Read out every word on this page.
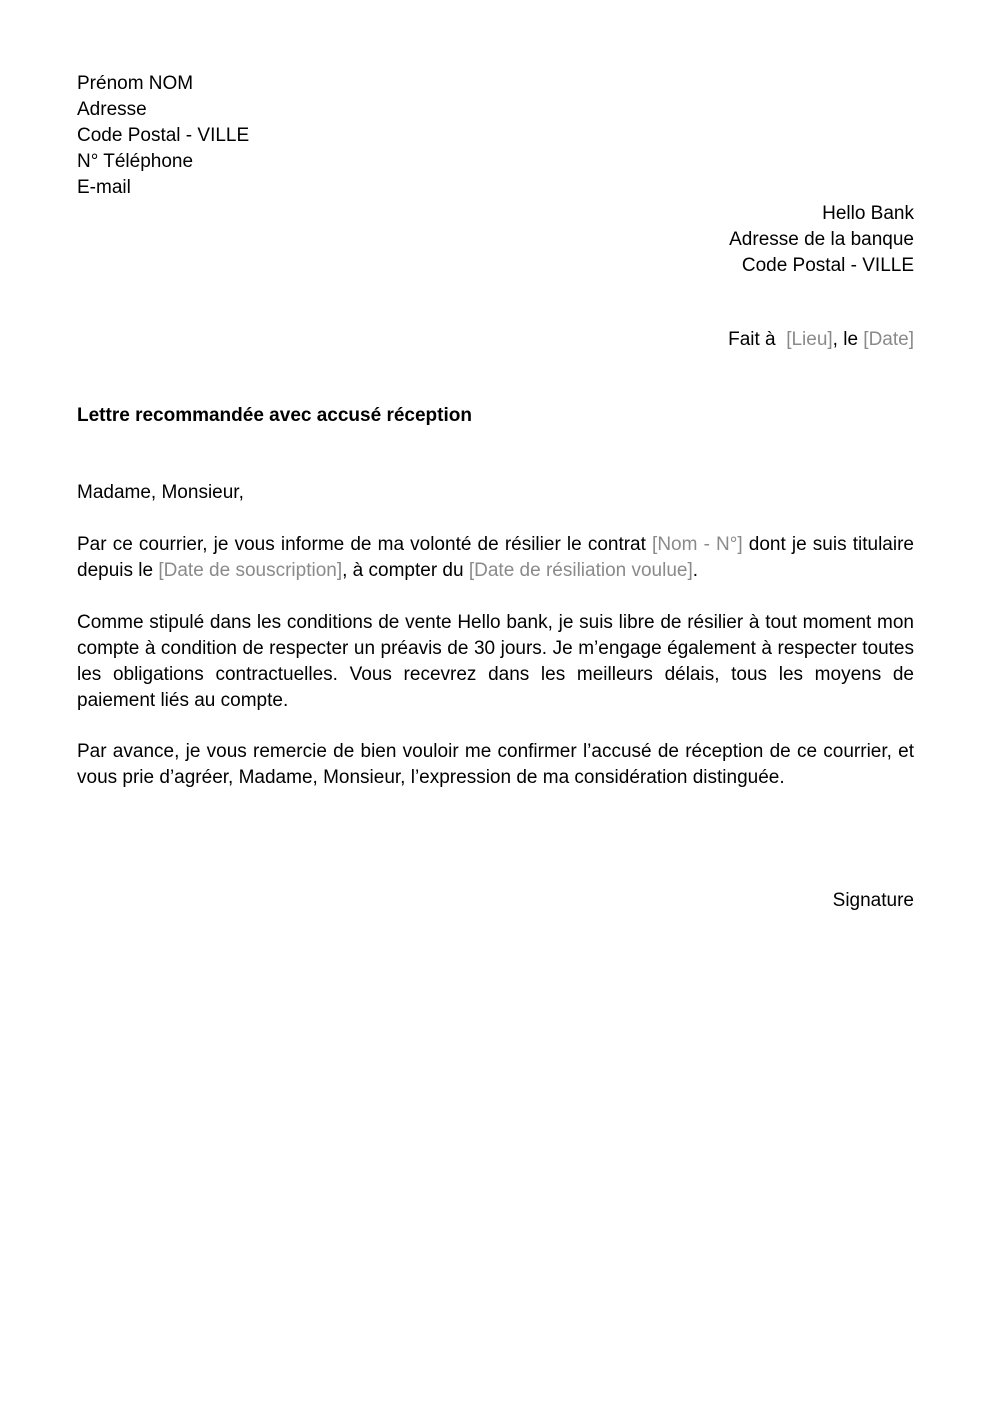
Prénom NOM
Adresse
Code Postal - VILLE
N° Téléphone
E-mail
Hello Bank
Adresse de la banque
Code Postal - VILLE
Fait à  [Lieu], le [Date]
Lettre recommandée avec accusé réception
Madame, Monsieur,
Par ce courrier, je vous informe de ma volonté de résilier le contrat [Nom - N°] dont je suis titulaire depuis le [Date de souscription], à compter du [Date de résiliation voulue].
Comme stipulé dans les conditions de vente Hello bank, je suis libre de résilier à tout moment mon compte à condition de respecter un préavis de 30 jours. Je m’engage également à respecter toutes les obligations contractuelles. Vous recevrez dans les meilleurs délais, tous les moyens de paiement liés au compte.
Par avance, je vous remercie de bien vouloir me confirmer l’accusé de réception de ce courrier, et vous prie d’agréer, Madame, Monsieur, l’expression de ma considération distinguée.
Signature
